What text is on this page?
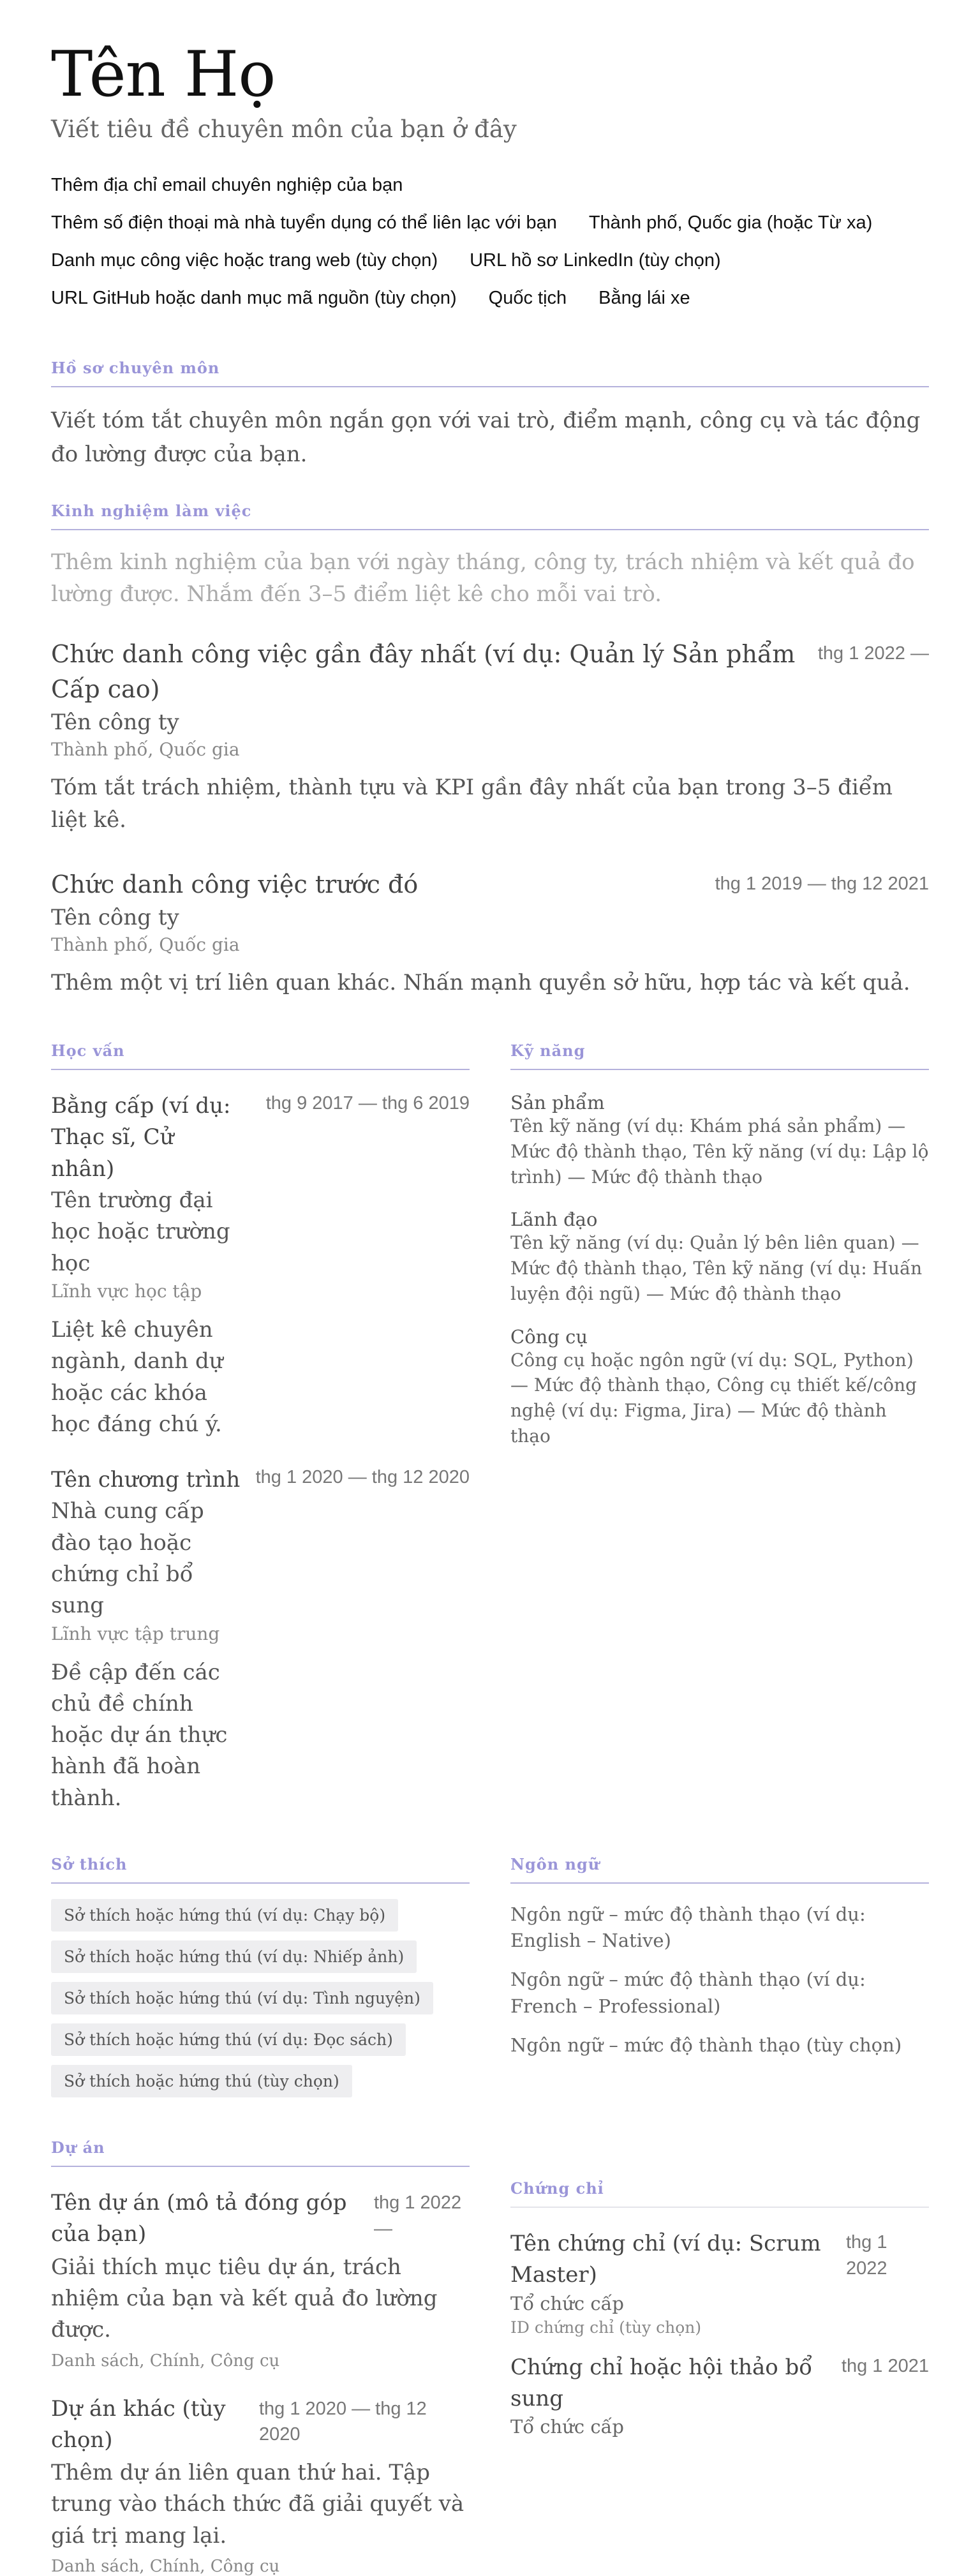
Tên Họ
Viết tiêu đề chuyên môn của bạn ở đây
Thêm địa chỉ email chuyên nghiệp của bạn
Thêm số điện thoại mà nhà tuyển dụng có thể liên lạc với bạn Thành phố, Quốc gia (hoặc Từ xa)
Danh mục công việc hoặc trang web (tùy chọn) URL hồ sơ LinkedIn (tùy chọn)
URL GitHub hoặc danh mục mã nguồn (tùy chọn) Quốc tịch Bằng lái xe
Hồ sơ chuyên môn

Viết tóm tắt chuyên môn ngắn gọn với vai trò, điểm mạnh, công cụ và tác động đo lường được của bạn.

Kinh nghiệm làm việc

Thêm kinh nghiệm của bạn với ngày tháng, công ty, trách nhiệm và kết quả đo lường được. Nhắm đến 3–5 điểm liệt kê cho mỗi vai trò.

Chức danh công việc gần đây nhất (ví dụ: Quản lý Sản phẩm Cấp cao)
thg 1 2022 —
Tên công ty
Thành phố, Quốc gia
Tóm tắt trách nhiệm, thành tựu và KPI gần đây nhất của bạn trong 3–5 điểm liệt kê.
Chức danh công việc trước đó	thg 1 2019 — thg 12 2021
Tên công ty
Thành phố, Quốc gia
Thêm một vị trí liên quan khác. Nhấn mạnh quyền sở hữu, hợp tác và kết quả.
Học vấn
Bằng cấp (ví dụ: Thạc sĩ, Cử nhân)
Tên trường đại học hoặc trường học
Lĩnh vực học tập
Liệt kê chuyên ngành, danh dự hoặc các khóa học đáng chú ý.
thg 9 2017 — thg 6 2019
Tên chương trình
Nhà cung cấp đào tạo hoặc chứng chỉ bổ sung
Lĩnh vực tập trung
Đề cập đến các chủ đề chính hoặc dự án thực hành đã hoàn thành.
thg 1 2020 — thg 12 2020
Kỹ năng
Sản phẩm
Tên kỹ năng (ví dụ: Khám phá sản phẩm) — Mức độ thành thạo, Tên kỹ năng (ví dụ: Lập lộ trình) — Mức độ thành thạo
Lãnh đạo
Tên kỹ năng (ví dụ: Quản lý bên liên quan) — Mức độ thành thạo, Tên kỹ năng (ví dụ: Huấn luyện đội ngũ) — Mức độ thành thạo
Công cụ
Công cụ hoặc ngôn ngữ (ví dụ: SQL, Python) — Mức độ thành thạo, Công cụ thiết kế/công nghệ (ví dụ: Figma, Jira) — Mức độ thành thạo
Sở thích
Sở thích hoặc hứng thú (ví dụ: Chạy bộ)
Sở thích hoặc hứng thú (ví dụ: Nhiếp ảnh)
Sở thích hoặc hứng thú (ví dụ: Tình nguyện)
Sở thích hoặc hứng thú (ví dụ: Đọc sách)
Sở thích hoặc hứng thú (tùy chọn)
Ngôn ngữ
Ngôn ngữ – mức độ thành thạo (ví dụ: English – Native)
Ngôn ngữ – mức độ thành thạo (ví dụ: French – Professional)
Ngôn ngữ – mức độ thành thạo (tùy chọn)
Dự án
Tên dự án (mô tả đóng góp của bạn)
thg 1 2022 —
Giải thích mục tiêu dự án, trách nhiệm của bạn và kết quả đo lường được.
Danh sách, Chính, Công cụ
Dự án khác (tùy chọn)
thg 1 2020 — thg 12 2020
Thêm dự án liên quan thứ hai. Tập trung vào thách thức đã giải quyết và giá trị mang lại.
Danh sách, Chính, Công cụ
Chứng chỉ
Tên chứng chỉ (ví dụ: Scrum Master)
Tổ chức cấp
ID chứng chỉ (tùy chọn)
thg 1 2022
Chứng chỉ hoặc hội thảo bổ sung
Tổ chức cấp
thg 1 2021
